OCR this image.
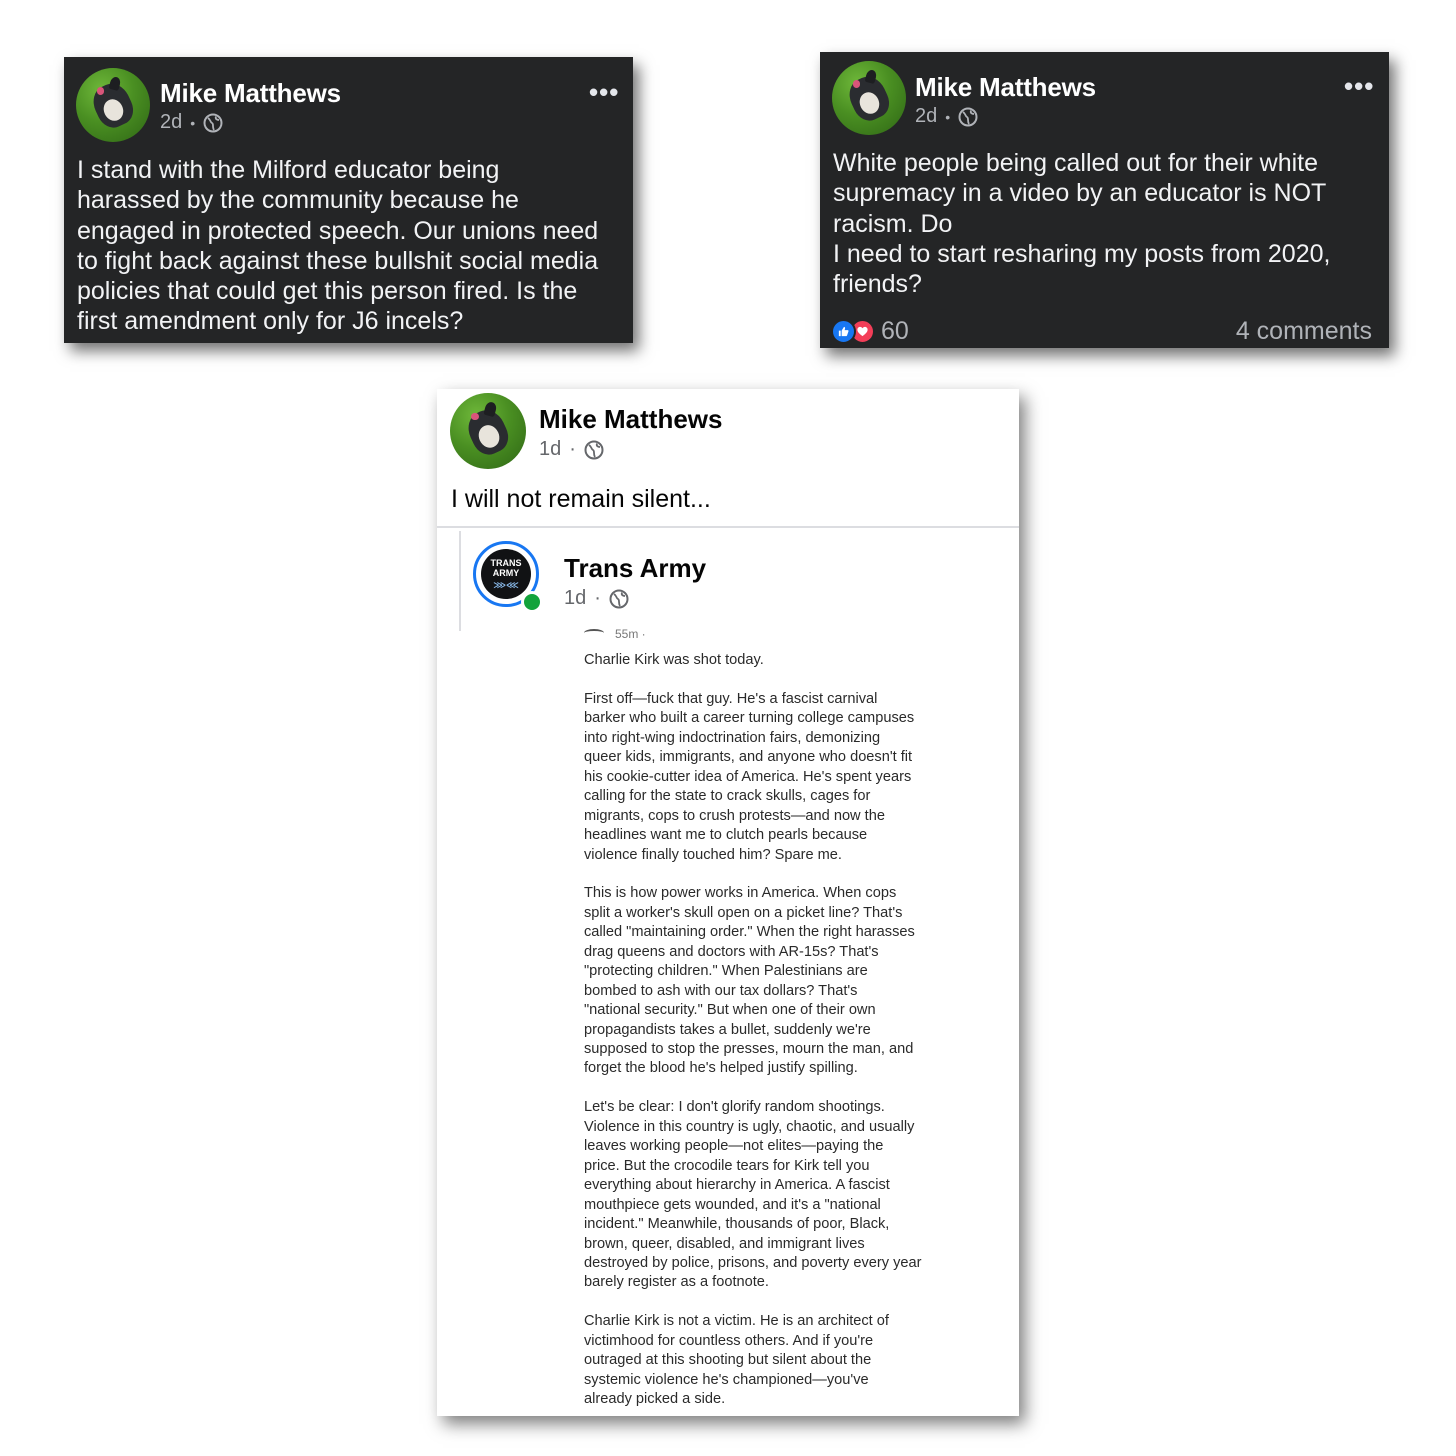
Mike Matthews
2d •
•••
I stand with the Milford educator being
harassed by the community because he
engaged in protected speech. Our unions need
to fight back against these bullshit social media
policies that could get this person fired. Is the
first amendment only for J6 incels?
Mike Matthews
2d •
•••
White people being called out for their white
supremacy in a video by an educator is NOT
racism. Do
I need to start resharing my posts from 2020,
friends?
60	4 comments
Mike Matthews
1d ·
I will not remain silent...
TRANS
ARMY
⋙⋘
Trans Army
1d ·
55m ·

Charlie Kirk was shot today.

First off—fuck that guy. He's a fascist carnival
barker who built a career turning college campuses
into right-wing indoctrination fairs, demonizing
queer kids, immigrants, and anyone who doesn't fit
his cookie-cutter idea of America. He's spent years
calling for the state to crack skulls, cages for
migrants, cops to crush protests—and now the
headlines want me to clutch pearls because
violence finally touched him? Spare me.

This is how power works in America. When cops
split a worker's skull open on a picket line? That's
called "maintaining order." When the right harasses
drag queens and doctors with AR-15s? That's
"protecting children." When Palestinians are
bombed to ash with our tax dollars? That's
"national security." But when one of their own
propagandists takes a bullet, suddenly we're
supposed to stop the presses, mourn the man, and
forget the blood he's helped justify spilling.

Let's be clear: I don't glorify random shootings.
Violence in this country is ugly, chaotic, and usually
leaves working people—not elites—paying the
price. But the crocodile tears for Kirk tell you
everything about hierarchy in America. A fascist
mouthpiece gets wounded, and it's a "national
incident." Meanwhile, thousands of poor, Black,
brown, queer, disabled, and immigrant lives
destroyed by police, prisons, and poverty every year
barely register as a footnote.

Charlie Kirk is not a victim. He is an architect of
victimhood for countless others. And if you're
outraged at this shooting but silent about the
systemic violence he's championed—you've
already picked a side.
